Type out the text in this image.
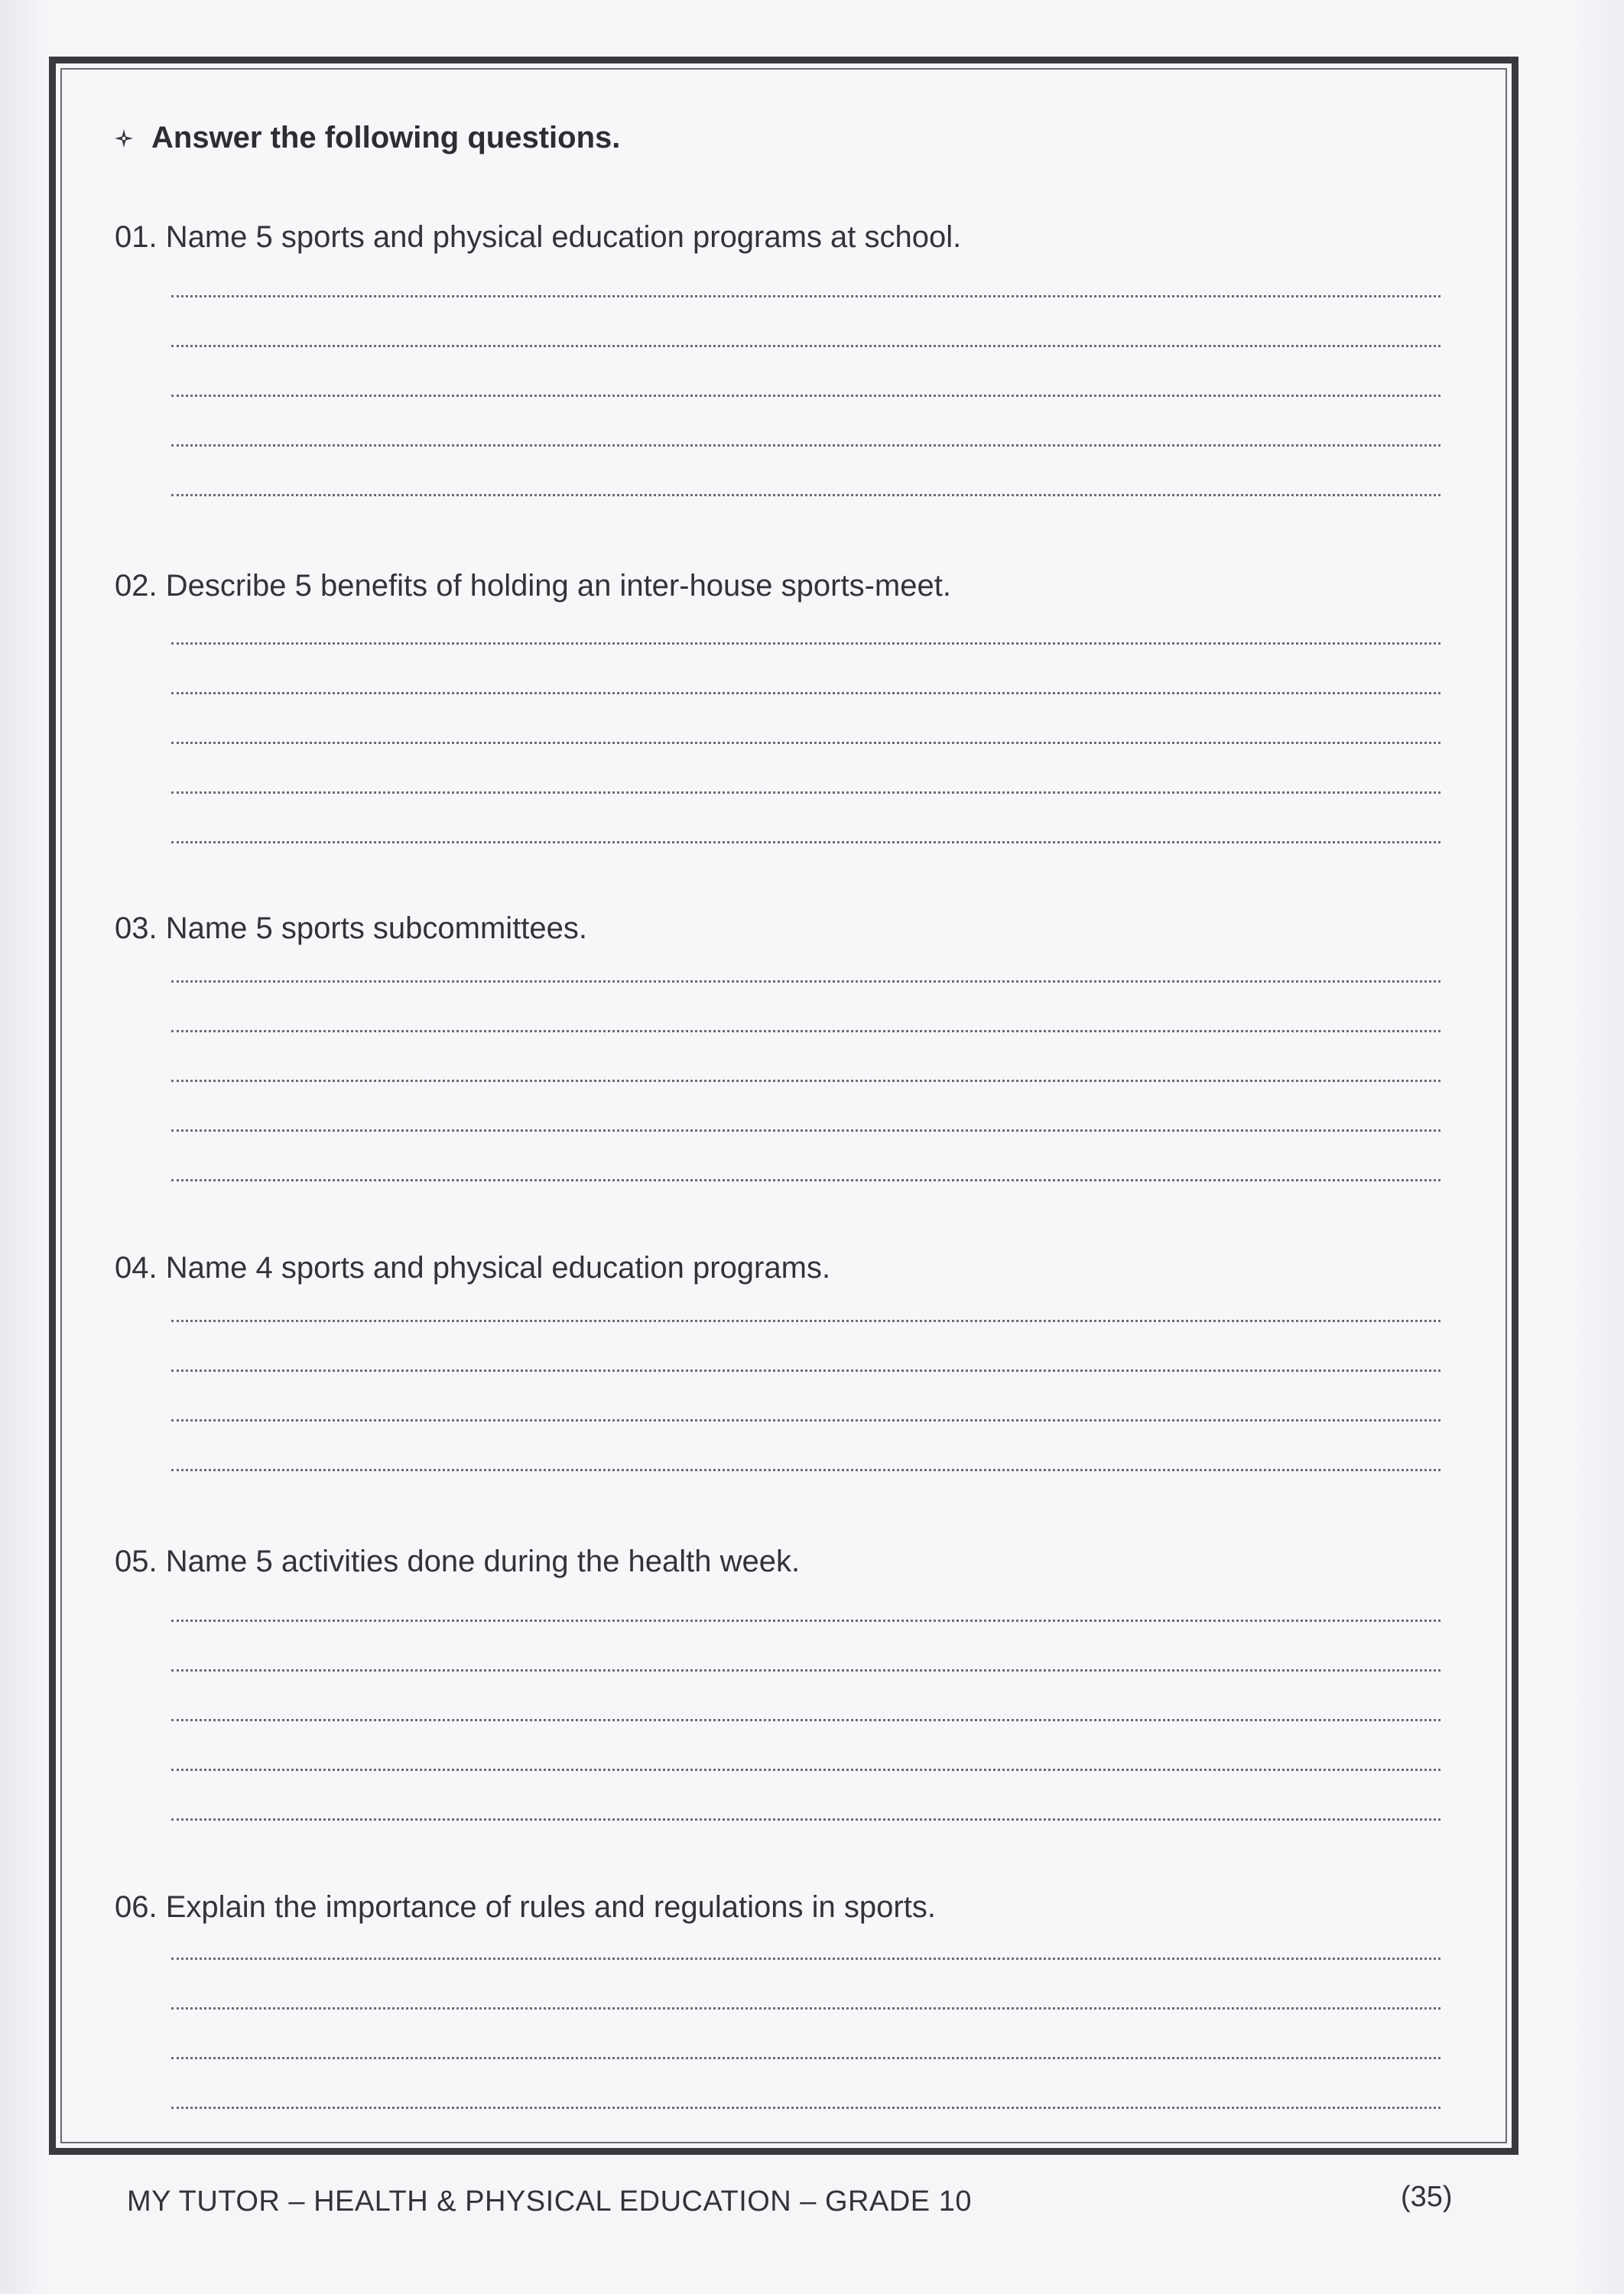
Answer the following questions.
01. Name 5 sports and physical education programs at school.
02. Describe 5 benefits of holding an inter-house sports-meet.
03. Name 5 sports subcommittees.
04. Name 4 sports and physical education programs.
05. Name 5 activities done during the health week.
06. Explain the importance of rules and regulations in sports.
MY TUTOR – HEALTH & PHYSICAL EDUCATION – GRADE 10	(35)
